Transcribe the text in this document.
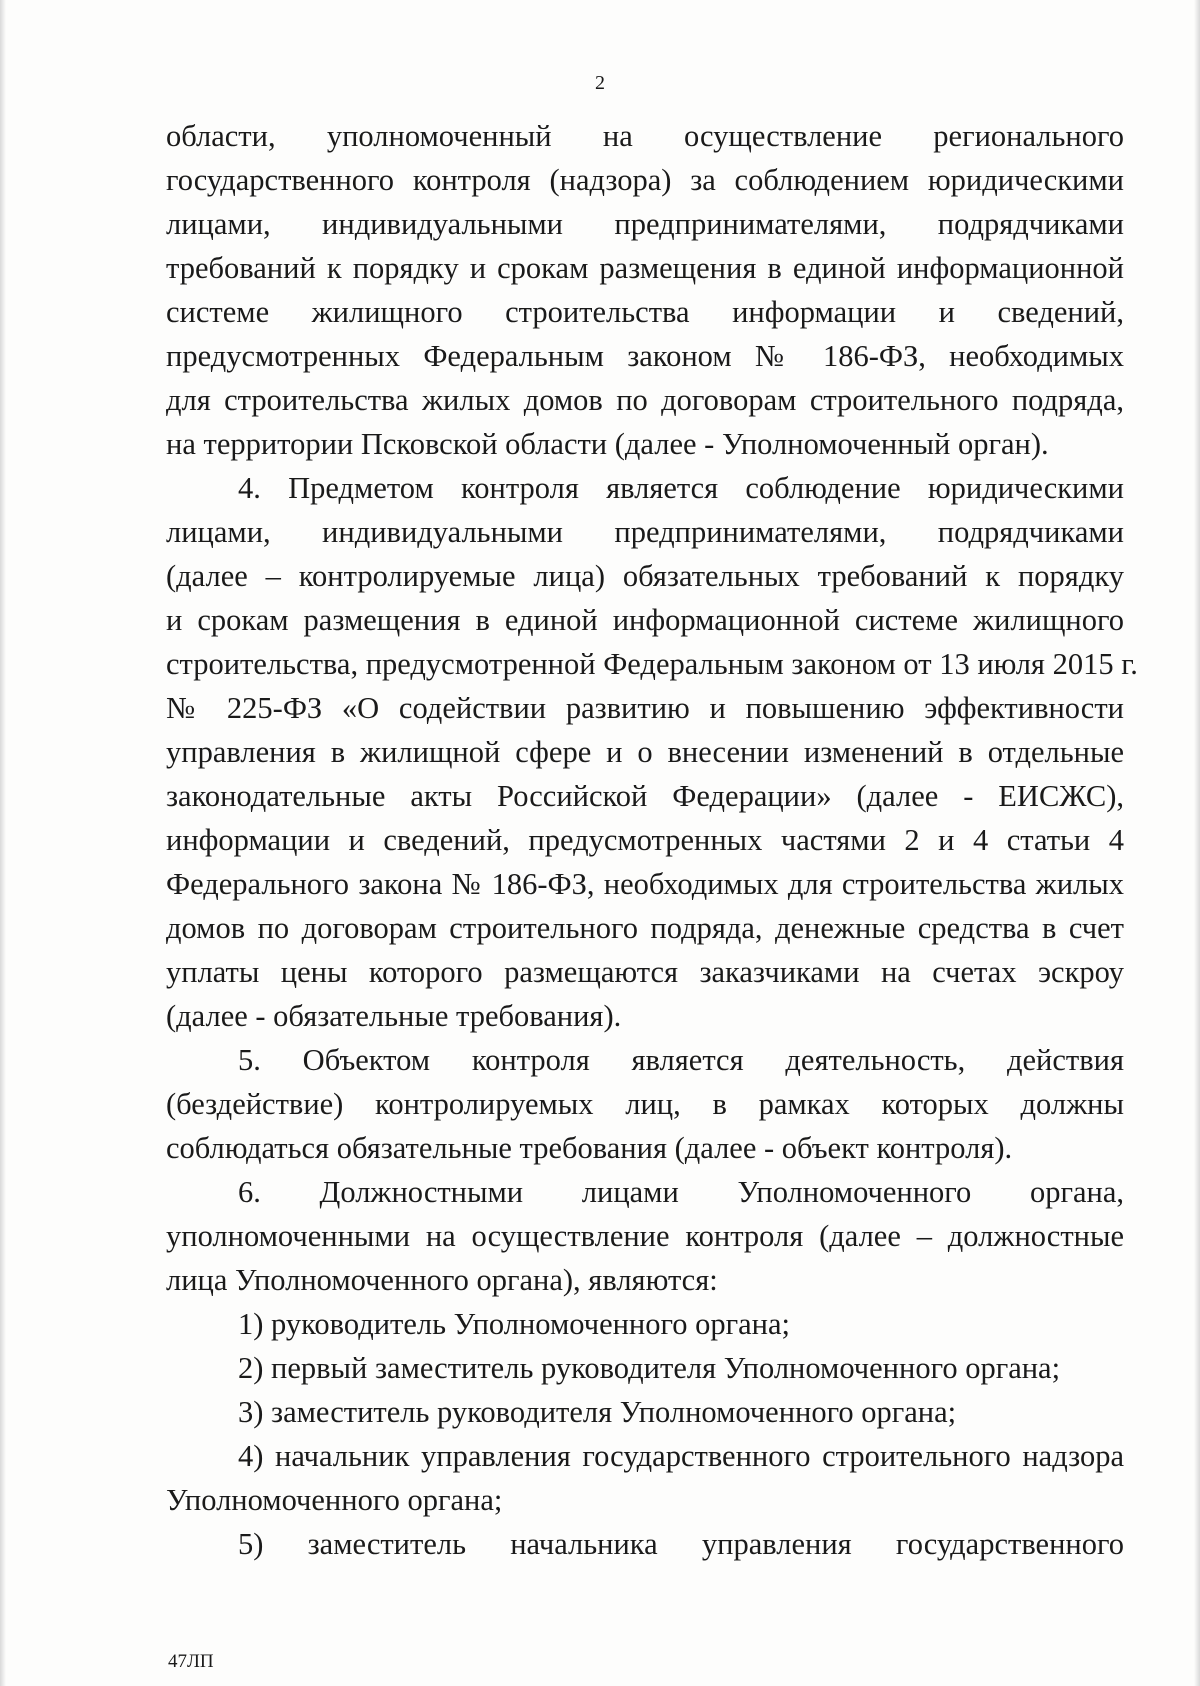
2
области, уполномоченный на осуществление регионального
государственного контроля (надзора) за соблюдением юридическими
лицами, индивидуальными предпринимателями, подрядчиками
требований к порядку и срокам размещения в единой информационной
системе жилищного строительства информации и сведений,
предусмотренных Федеральным законом № 186-ФЗ, необходимых
для строительства жилых домов по договорам строительного подряда,
на территории Псковской области (далее - Уполномоченный орган).
4. Предметом контроля является соблюдение юридическими
лицами, индивидуальными предпринимателями, подрядчиками
(далее – контролируемые лица) обязательных требований к порядку
и срокам размещения в единой информационной системе жилищного
строительства, предусмотренной Федеральным законом от 13 июля 2015 г.
№ 225-ФЗ «О содействии развитию и повышению эффективности
управления в жилищной сфере и о внесении изменений в отдельные
законодательные акты Российской Федерации» (далее - ЕИСЖС),
информации и сведений, предусмотренных частями 2 и 4 статьи 4
Федерального закона № 186-ФЗ, необходимых для строительства жилых
домов по договорам строительного подряда, денежные средства в счет
уплаты цены которого размещаются заказчиками на счетах эскроу
(далее - обязательные требования).
5. Объектом контроля является деятельность, действия
(бездействие) контролируемых лиц, в рамках которых должны
соблюдаться обязательные требования (далее - объект контроля).
6. Должностными лицами Уполномоченного органа,
уполномоченными на осуществление контроля (далее – должностные
лица Уполномоченного органа), являются:
1) руководитель Уполномоченного органа;
2) первый заместитель руководителя Уполномоченного органа;
3) заместитель руководителя Уполномоченного органа;
4) начальник управления государственного строительного надзора
Уполномоченного органа;
5) заместитель начальника управления государственного
47ЛП
